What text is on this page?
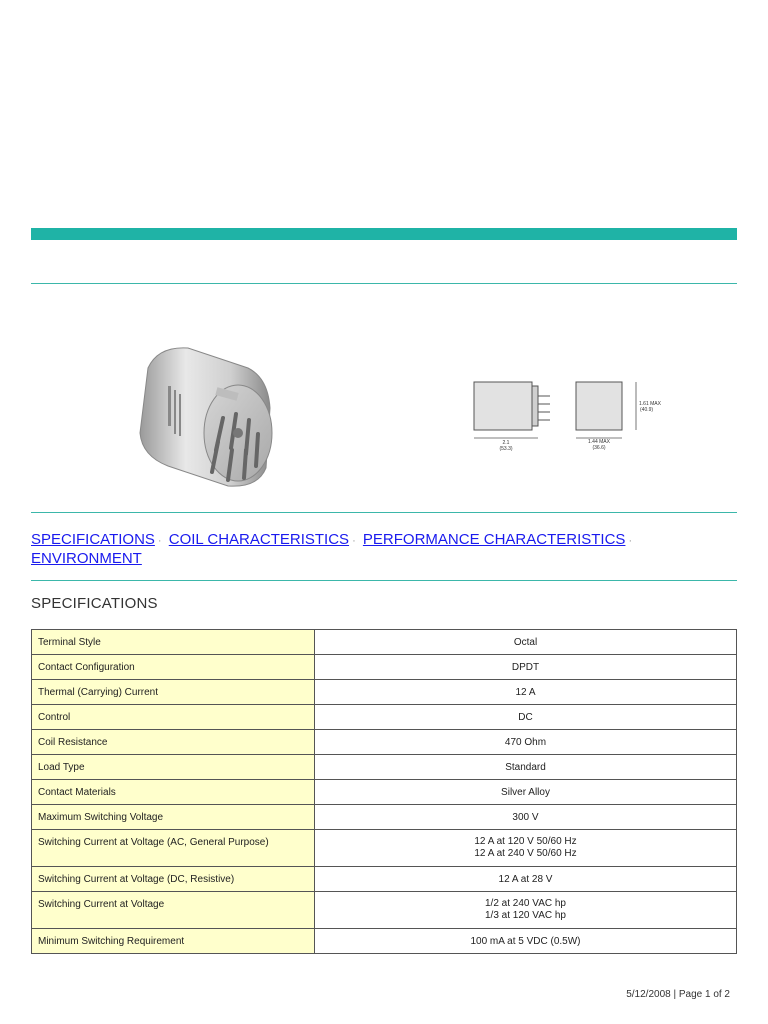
2.1
(53.3)
1.61 MAX
(40.9)
1.44 MAX
(36.6)
SPECIFICATIONS · COIL CHARACTERISTICS · PERFORMANCE CHARACTERISTICS ·
ENVIRONMENT
SPECIFICATIONS
Terminal Style	Octal

Contact Configuration	DPDT

Thermal (Carrying) Current	12 A

Control	DC

Coil Resistance	470 Ohm

Load Type	Standard

Contact Materials	Silver Alloy

Maximum Switching Voltage	300 V

Switching Current at Voltage (AC, General Purpose)	12 A at 120 V 50/60 Hz
12 A at 240 V 50/60 Hz

Switching Current at Voltage (DC, Resistive)	12 A at 28 V

Switching Current at Voltage	1/2 at 240 VAC hp
1/3 at 120 VAC hp

Minimum Switching Requirement	100 mA at 5 VDC (0.5W)
5/12/2008 | Page 1 of 2
